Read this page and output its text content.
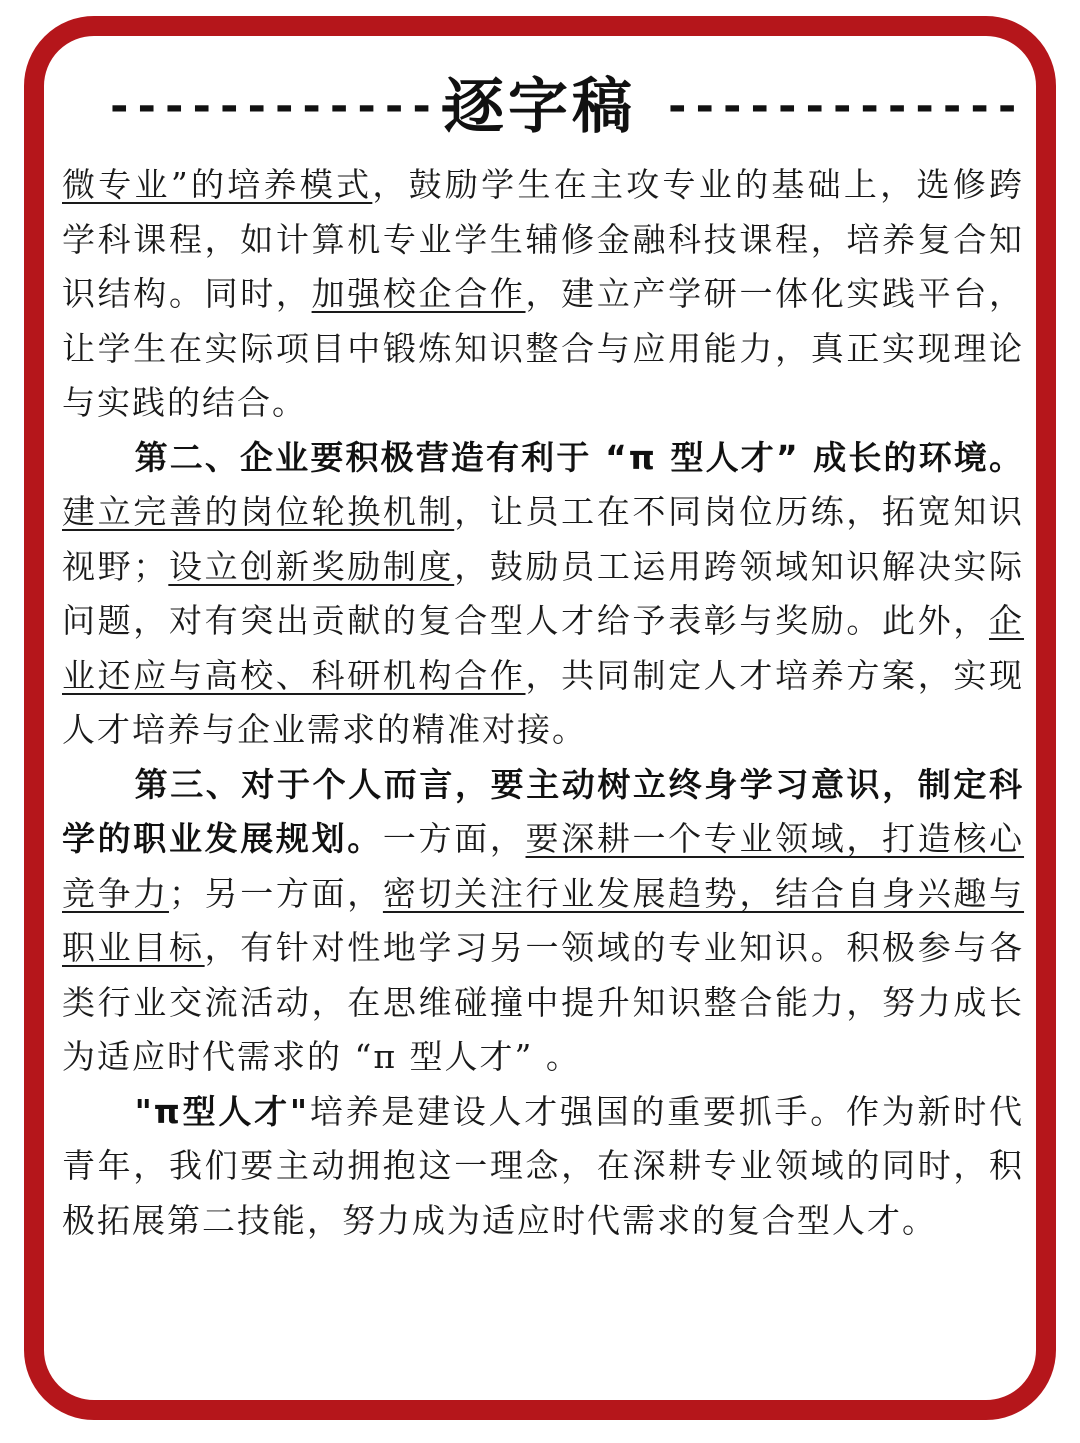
-------------
逐字稿 -------------

微专业”的培养模式，鼓励学生在主攻专业的基础上，选修跨学科课程，如计算机专业学生辅修金融科技课程，培养复合知识结构。同时，加强校企合作，建立产学研一体化实践平台，让学生在实际项目中锻炼知识整合与应用能力，真正实现理论与实践的结合。

第二、企业要积极营造有利于 “π 型人才” 成长的环境。建立完善的岗位轮换机制，让员工在不同岗位历练，拓宽知识视野；设立创新奖励制度，鼓励员工运用跨领域知识解决实际问题，对有突出贡献的复合型人才给予表彰与奖励。此外，企业还应与高校、科研机构合作，共同制定人才培养方案，实现人才培养与企业需求的精准对接。

第三、对于个人而言，要主动树立终身学习意识，制定科学的职业发展规划。一方面，要深耕一个专业领域，打造核心竞争力；另一方面，密切关注行业发展趋势，结合自身兴趣与职业目标，有针对性地学习另一领域的专业知识。积极参与各类行业交流活动，在思维碰撞中提升知识整合能力，努力成长为适应时代需求的 “π 型人才” 。

"π型人才"培养是建设人才强国的重要抓手。作为新时代青年，我们要主动拥抱这一理念，在深耕专业领域的同时，积极拓展第二技能，努力成为适应时代需求的复合型人才。
